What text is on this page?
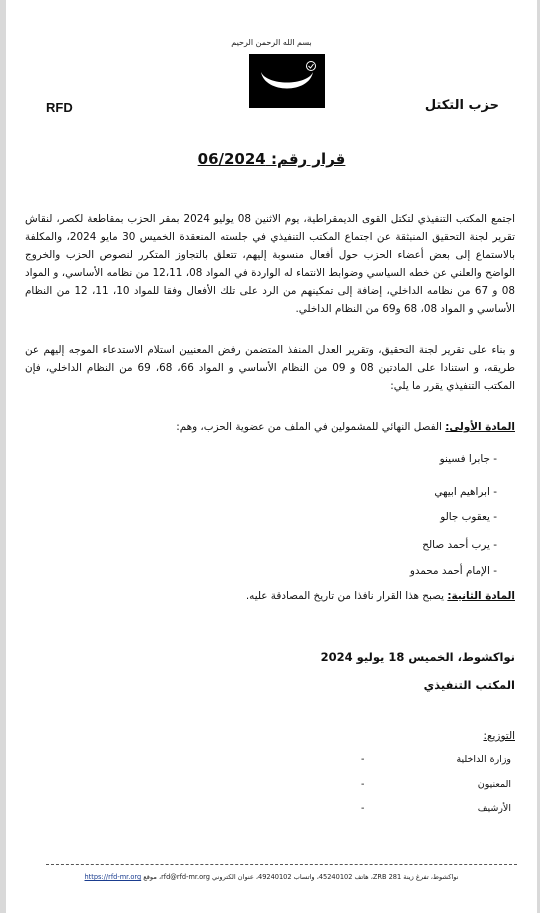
بسم الله الرحمن الرحيم
RFD	حزب التكتل
قرار رقم: 06/2024
اجتمع المكتب التنفيذي لتكتل القوى الديمقراطية، يوم الاثنين 08 يوليو 2024 بمقر الحزب بمقاطعة لكصر، لنقاش تقرير لجنة التحقيق المنبثقة عن اجتماع المكتب التنفيذي في جلسته المنعقدة الخميس 30 مايو 2024، والمكلفة بالاستماع إلى بعض أعضاء الحزب حول أفعال منسوبة إليهم، تتعلق بالتجاوز المتكرر لنصوص الحزب والخروج الواضح والعلني عن خطه السياسي وضوابط الانتماء له الواردة في المواد 08، 12،11 من نظامه الأساسي، و المواد 08 و 67 من نظامه الداخلي، إضافة إلى تمكينهم من الرد على تلك الأفعال وفقا للمواد 10، 11، 12 من النظام الأساسي و المواد 08، 68 و69 من النظام الداخلي.
و بناء على تقرير لجنة التحقيق، وتقرير العدل المنفذ المتضمن رفض المعنيين استلام الاستدعاء الموجه إليهم عن طريقه، و استنادا على المادتين 08 و 09 من النظام الأساسي و المواد 66، 68، 69 من النظام الداخلي، فإن المكتب التنفيذي يقرر ما يلي:
المادة الأولى: الفصل النهائي للمشمولين في الملف من عضوية الحزب، وهم:
- جابرا فسينو
- ابراهيم ابيهي
- يعقوب جالو
- يرب أحمد صالح
- الإمام أحمد محمدو
المادة الثانية: يصبح هذا القرار نافذا من تاريخ المصادقة عليه.
نواكشوط، الخميس 18 يوليو 2024
المكتب التنفيذي
التوزيع:
وزارة الداخلية
-
المعنيون
-
الأرشيف
-
نواكشوط، تفرغ زينة ZRB 281، هاتف 45240102، واتساب 49240102، عنوان الكتروني rfd@rfd-mr.org، موقع https://rfd-mr.org
